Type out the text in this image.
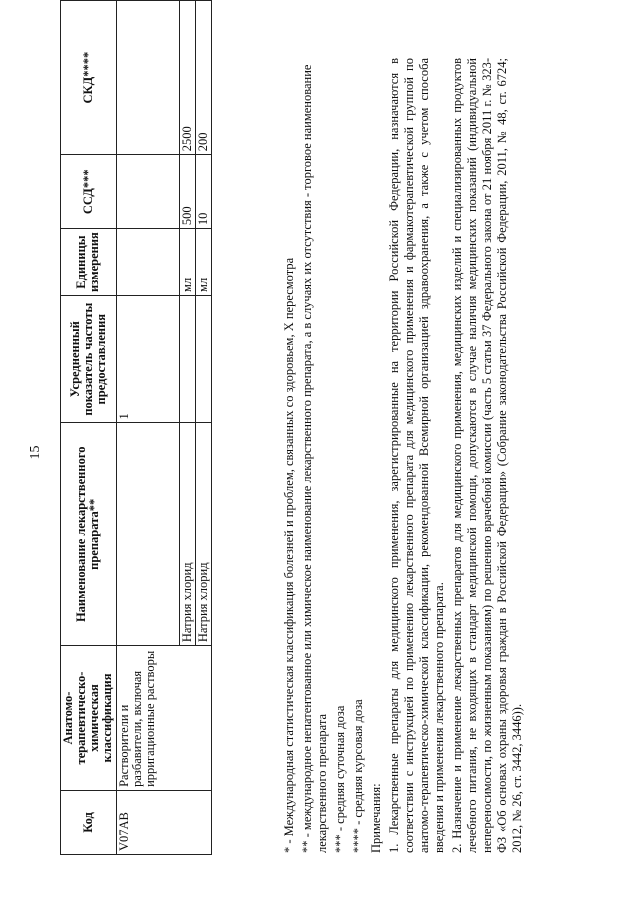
15
Код	Анатомо-терапевтическо-химическая классификация	Наименование лекарственного препарата**	Усредненный показатель частоты предоставления	Единицы измерения	ССД***	СКД****
V07AB	Растворители и разбавители, включая ирригационные растворы		1			
		Натрия хлорид		мл	500	2500
		Натрия хлорид		мл	10	200

* - Международная статистическая классификация болезней и проблем, связанных со здоровьем, X пересмотра ** - международное непатентованное или химическое наименование лекарственного препарата, а в случаях их отсутствия - торговое наименование лекарственного препарата *** - средняя суточная доза **** - средняя курсовая доза Примечания: 1. Лекарственные препараты для медицинского применения, зарегистрированные на территории Российской Федерации, назначаются в соответствии с инструкцией по применению лекарственного препарата для медицинского применения и фармакотерапевтической группой по анатомо-терапевтическо-химической классификации, рекомендованной Всемирной организацией здравоохранения, а также с учетом способа введения и применения лекарственного препарата. 2. Назначение и применение лекарственных препаратов для медицинского применения, медицинских изделий и специализированных продуктов лечебного питания, не входящих в стандарт медицинской помощи, допускаются в случае наличия медицинских показаний (индивидуальной непереносимости, по жизненным показаниям) по решению врачебной комиссии (часть 5 статьи 37 Федерального закона от 21 ноября 2011 г. № 323-ФЗ «Об основах охраны здоровья граждан в Российской Федерации» (Собрание законодательства Российской Федерации, 2011, № 48, ст. 6724; 2012, № 26, ст. 3442, 3446)).
